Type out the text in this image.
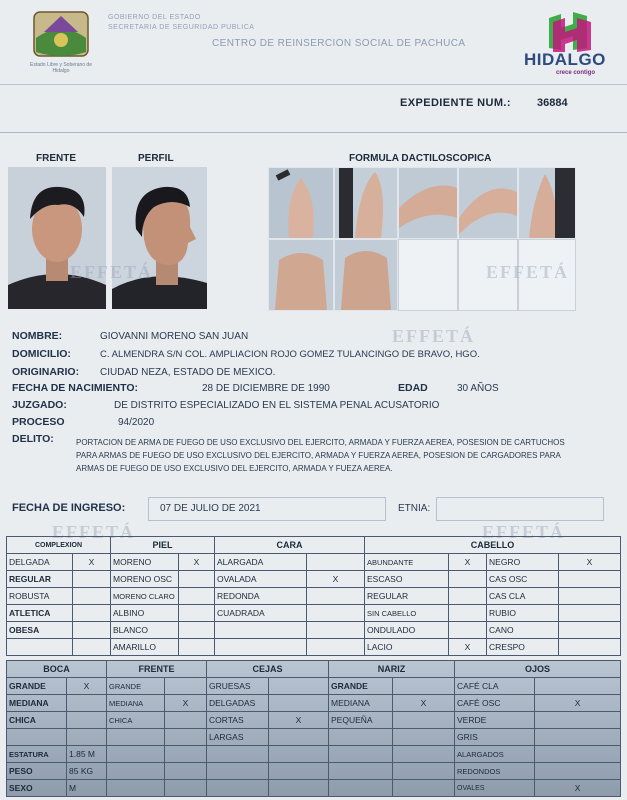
Estado Libre y Soberano de Hidalgo
GOBIERNO DEL ESTADO
SECRETARIA DE SEGURIDAD PUBLICA
CENTRO DE REINSERCION SOCIAL DE PACHUCA
HIDALGO
crece contigo
EXPEDIENTE NUM.: 36884
FRENTE	PERFIL	FORMULA DACTILOSCOPICA
EFFETÁ	EFFETÁ
EFFETÁ
EFFETÁ	EFFETÁ
NOMBRE:	GIOVANNI MORENO SAN JUAN
DOMICILIO:	C. ALMENDRA S/N COL. AMPLIACION ROJO GOMEZ TULANCINGO DE BRAVO, HGO.
ORIGINARIO: CIUDAD NEZA, ESTADO DE MEXICO.
FECHA DE NACIMIENTO:	28 DE DICIEMBRE DE 1990	EDAD	30 AÑOS
JUZGADO:	DE DISTRITO ESPECIALIZADO EN EL SISTEMA PENAL ACUSATORIO
PROCESO	94/2020
DELITO:	PORTACION DE ARMA DE FUEGO DE USO EXCLUSIVO DEL EJERCITO, ARMADA Y FUERZA AEREA, POSESION DE CARTUCHOS PARA ARMAS DE FUEGO DE USO EXCLUSIVO DEL EJERCITO, ARMADA Y FUERZA AEREA, POSESION DE CARGADORES PARA ARMAS DE FUEGO DE USO EXCLUSIVO DEL EJERCITO, ARMADA Y FUEZA AEREA.
FECHA DE INGRESO:	07 DE JULIO DE 2021	ETNIA:
COMPLEXION		PIEL		CARA		CABELLO			
DELGADA	X	MORENO	X	ALARGADA		ABUNDANTE	X	NEGRO	X
REGULAR		MORENO OSC		OVALADA	X	ESCASO		CAS OSC	
ROBUSTA		MORENO CLARO		REDONDA		REGULAR		CAS CLA	
ATLETICA		ALBINO		CUADRADA		SIN CABELLO		RUBIO	
OBESA		BLANCO				ONDULADO		CANO	
		AMARILLO				LACIO	X	CRESPO	
BOCA		FRENTE		CEJAS		NARIZ		OJOS	
GRANDE	X	GRANDE		GRUESAS		GRANDE		CAFÉ CLA	
MEDIANA		MEDIANA	X	DELGADAS		MEDIANA	X	CAFÉ OSC	X
CHICA		CHICA		CORTAS	X	PEQUEÑA		VERDE	
				LARGAS				GRIS	
ESTATURA	1.85 M							ALARGADOS	
PESO	85 KG							REDONDOS	
SEXO	M							OVALES	X
